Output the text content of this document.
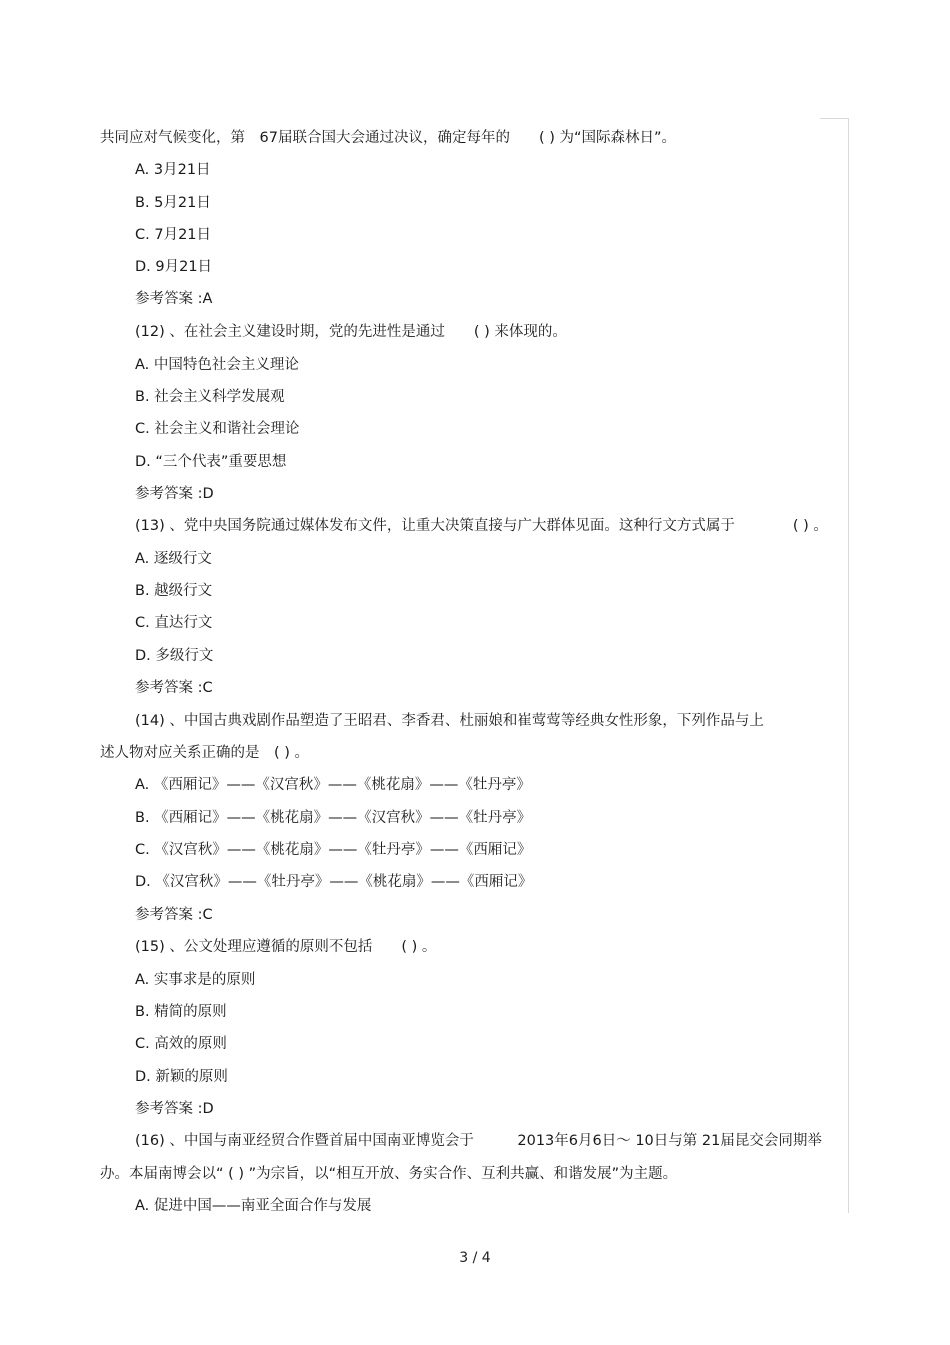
共同应对气候变化，第　67届联合国大会通过决议，确定每年的　　( ) 为“国际森林日”。
A. 3月21日
B. 5月21日
C. 7月21日
D. 9月21日
参考答案 :A
(12) 、在社会主义建设时期，党的先进性是通过　　( ) 来体现的。
A. 中国特色社会主义理论
B. 社会主义科学发展观
C. 社会主义和谐社会理论
D. “三个代表”重要思想
参考答案 :D
(13) 、党中央国务院通过媒体发布文件，让重大决策直接与广大群体见面。这种行文方式属于　　　　( ) 。
A. 逐级行文
B. 越级行文
C. 直达行文
D. 多级行文
参考答案 :C
(14) 、中国古典戏剧作品塑造了王昭君、李香君、杜丽娘和崔莺莺等经典女性形象，下列作品与上
述人物对应关系正确的是　( ) 。
A. 《西厢记》——《汉宫秋》——《桃花扇》——《牡丹亭》
B. 《西厢记》——《桃花扇》——《汉宫秋》——《牡丹亭》
C. 《汉宫秋》——《桃花扇》——《牡丹亭》——《西厢记》
D. 《汉宫秋》——《牡丹亭》——《桃花扇》——《西厢记》
参考答案 :C
(15) 、公文处理应遵循的原则不包括　　( ) 。
A. 实事求是的原则
B. 精简的原则
C. 高效的原则
D. 新颖的原则
参考答案 :D
(16) 、中国与南亚经贸合作暨首届中国南亚博览会于　　　2013年6月6日～ 10日与第 21届昆交会同期举
办。本届南博会以“ ( ) ”为宗旨，以“相互开放、务实合作、互利共赢、和谐发展”为主题。
A. 促进中国——南亚全面合作与发展
3 / 4
